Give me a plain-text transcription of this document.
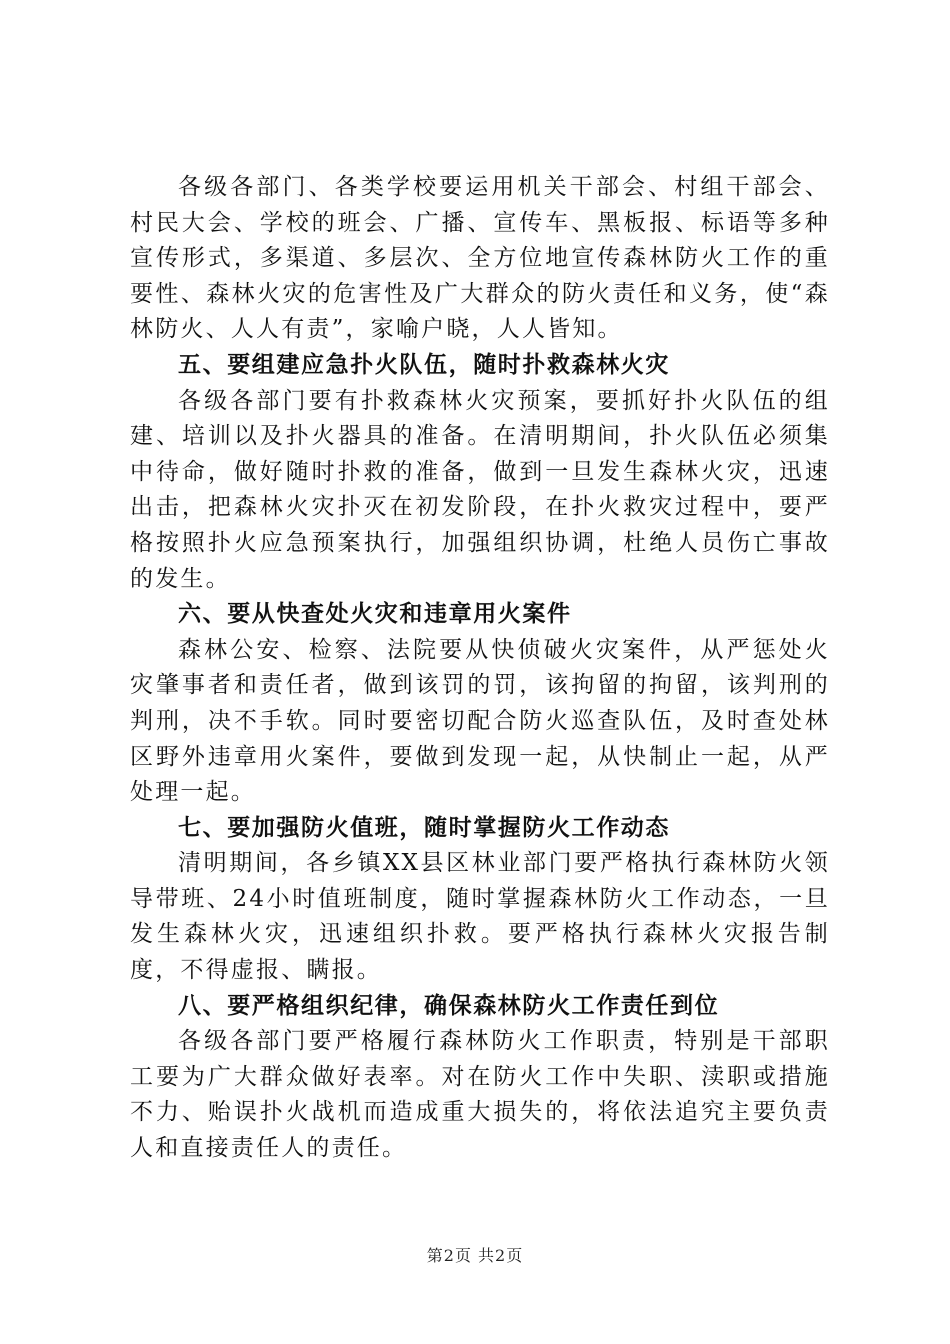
各级各部门、各类学校要运用机关干部会、村组干部会、村民大会、学校的班会、广播、宣传车、黑板报、标语等多种宣传形式，多渠道、多层次、全方位地宣传森林防火工作的重要性、森林火灾的危害性及广大群众的防火责任和义务，使“森林防火、人人有责”，家喻户晓，人人皆知。

五、要组建应急扑火队伍，随时扑救森林火灾

各级各部门要有扑救森林火灾预案，要抓好扑火队伍的组建、培训以及扑火器具的准备。在清明期间，扑火队伍必须集中待命，做好随时扑救的准备，做到一旦发生森林火灾，迅速出击，把森林火灾扑灭在初发阶段，在扑火救灾过程中，要严格按照扑火应急预案执行，加强组织协调，杜绝人员伤亡事故的发生。

六、要从快查处火灾和违章用火案件

森林公安、检察、法院要从快侦破火灾案件，从严惩处火灾肇事者和责任者，做到该罚的罚，该拘留的拘留，该判刑的判刑，决不手软。同时要密切配合防火巡查队伍，及时查处林区野外违章用火案件，要做到发现一起，从快制止一起，从严处理一起。

七、要加强防火值班，随时掌握防火工作动态

清明期间，各乡镇XX县区林业部门要严格执行森林防火领导带班、24小时值班制度，随时掌握森林防火工作动态，一旦发生森林火灾，迅速组织扑救。要严格执行森林火灾报告制度，不得虚报、瞒报。

八、要严格组织纪律，确保森林防火工作责任到位

各级各部门要严格履行森林防火工作职责，特别是干部职工要为广大群众做好表率。对在防火工作中失职、渎职或措施不力、贻误扑火战机而造成重大损失的，将依法追究主要负责人和直接责任人的责任。

第2页 共2页
